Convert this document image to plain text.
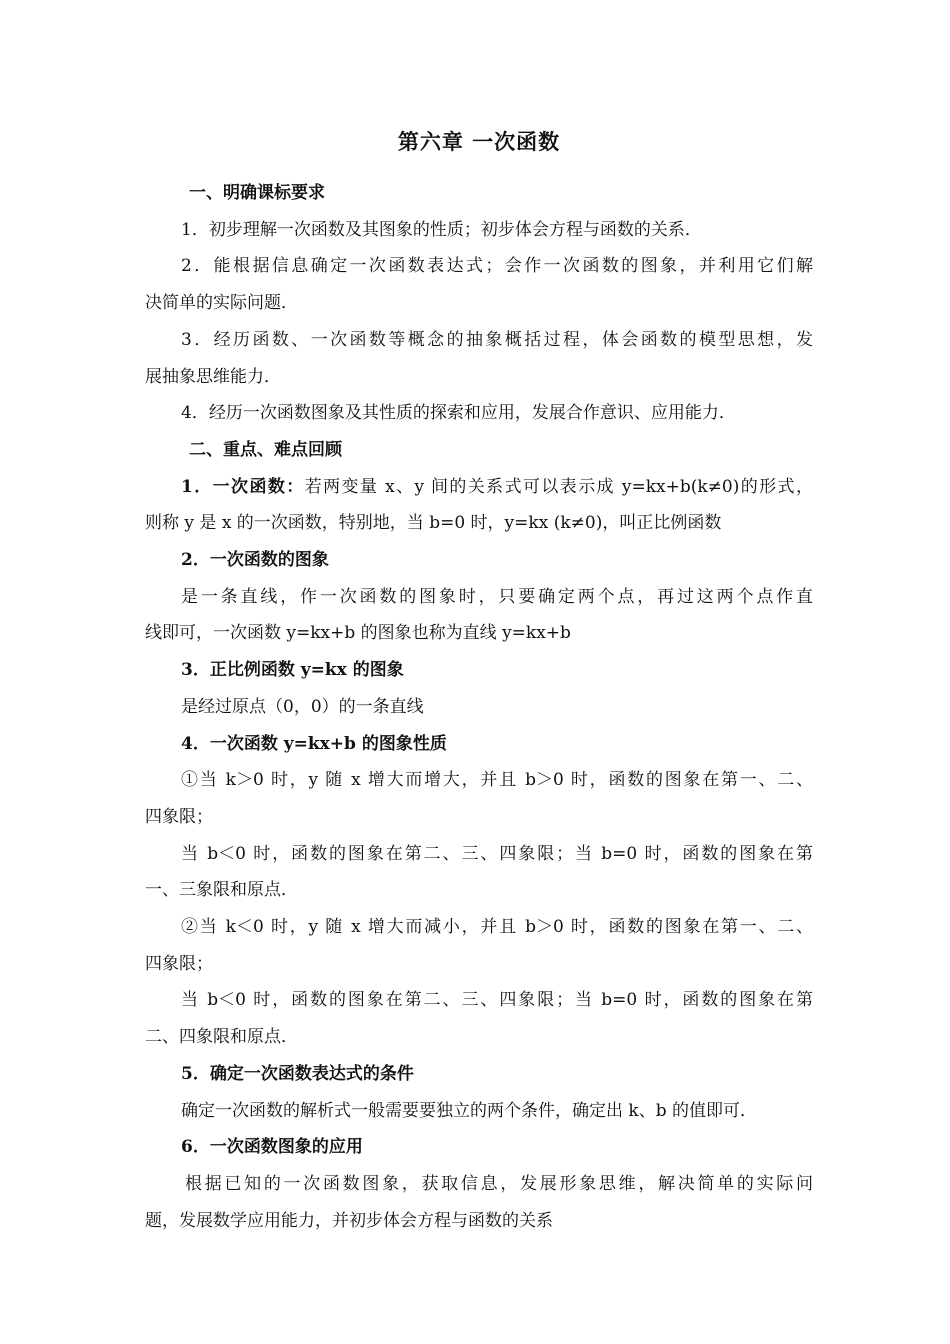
第六章 一次函数
一、明确课标要求
1．初步理解一次函数及其图象的性质；初步体会方程与函数的关系．
2．能根据信息确定一次函数表达式；会作一次函数的图象，并利用它们解
决简单的实际问题．
3．经历函数、一次函数等概念的抽象概括过程，体会函数的模型思想，发
展抽象思维能力．
4．经历一次函数图象及其性质的探索和应用，发展合作意识、应用能力．
二、重点、难点回顾
1．一次函数：若两变量 x、y 间的关系式可以表示成 y=kx+b(k≠0)的形式，
则称 y 是 x 的一次函数，特别地，当 b=0 时，y=kx (k≠0)，叫正比例函数
2．一次函数的图象
是一条直线，作一次函数的图象时，只要确定两个点，再过这两个点作直
线即可，一次函数 y=kx+b 的图象也称为直线 y=kx+b
3．正比例函数 y=kx 的图象
是经过原点（0，0）的一条直线
4．一次函数 y=kx+b 的图象性质
①当 k＞0 时，y 随 x 增大而增大，并且 b＞0 时，函数的图象在第一、二、
四象限；
当 b＜0 时，函数的图象在第二、三、四象限；当 b=0 时，函数的图象在第
一、三象限和原点．
②当 k＜0 时，y 随 x 增大而减小，并且 b＞0 时，函数的图象在第一、二、
四象限；
当 b＜0 时，函数的图象在第二、三、四象限；当 b=0 时，函数的图象在第
二、四象限和原点．
5．确定一次函数表达式的条件
确定一次函数的解析式一般需要要独立的两个条件，确定出 k、b 的值即可．
6．一次函数图象的应用
根据已知的一次函数图象，获取信息，发展形象思维，解决简单的实际问
题，发展数学应用能力，并初步体会方程与函数的关系
